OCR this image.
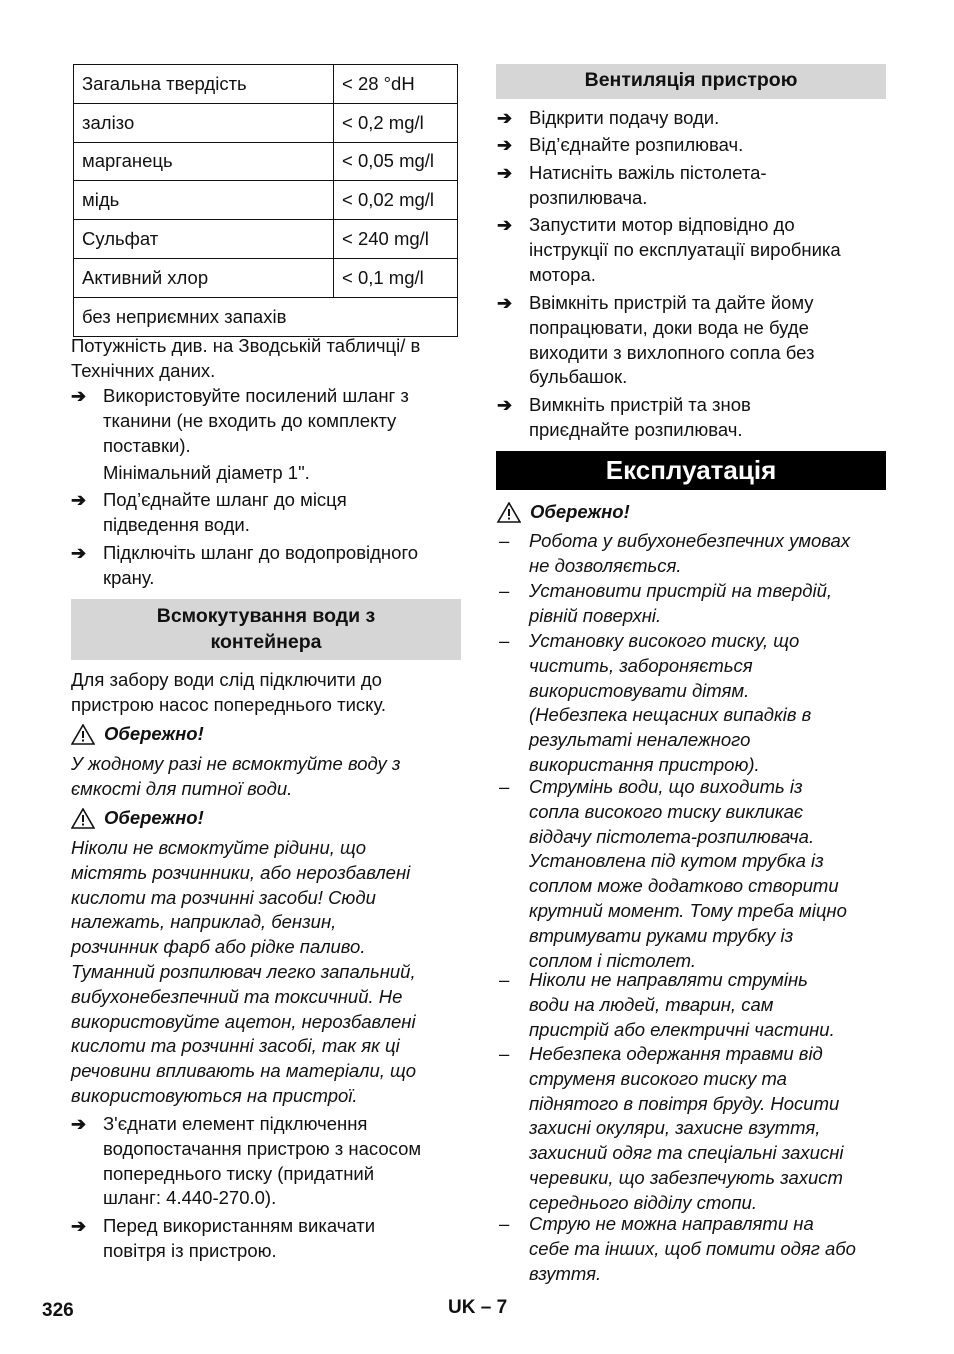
Загальна твердість	< 28 °dH
залізо	< 0,2 mg/l
марганець	< 0,05 mg/l
мідь	< 0,02 mg/l
Сульфат	< 240 mg/l
Активний хлор	< 0,1 mg/l
без неприємних запахів	
Потужність див. на Зводській табличці/ в
Технічних даних.
➔ Використовуйте посилений шланг з
тканини (не входить до комплекту
поставки).
Мінімальний діаметр 1".
➔ Под’єднайте шланг до місця
підведення води.
➔ Підключіть шланг до водопровідного
крану.
Всмокутування води з
контейнера
Для забору води слід підключити до
пристрою насос попереднього тиску.
Обережно!
У жодному разі не всмоктуйте воду з
ємкості для питної води.
Обережно!
Ніколи не всмоктуйте рідини, що
містять розчинники, або нерозбавлені
кислоти та розчинні засоби! Сюди
належать, наприклад, бензин,
розчинник фарб або рідке паливо.
Туманний розпилювач легко запальний,
вибухонебезпечний та токсичний. Не
використовуйте ацетон, нерозбавлені
кислоти та розчинні засобі, так як ці
речовини впливають на матеріали, що
використовуються на пристрої.
➔ З'єднати елемент підключення
водопостачання пристрою з насосом
попереднього тиску (придатний
шланг: 4.440-270.0).
➔ Перед використанням викачати
повітря із пристрою.
Вентиляція пристрою
➔ Відкрити подачу води.
➔ Від’єднайте розпилювач.
➔ Натисніть важіль пістолета-
розпилювача.
➔ Запустити мотор відповідно до
інструкції по експлуатації виробника
мотора.
➔ Ввімкніть пристрій та дайте йому
попрацювати, доки вода не буде
виходити з вихлопного сопла без
бульбашок.
➔ Вимкніть пристрій та знов
приєднайте розпилювач.
Експлуатація
Обережно!
– Робота у вибухонебезпечних умовах
не дозволяється.
– Установити пристрій на твердій,
рівній поверхні.
– Установку високого тиску, що
чистить, забороняється
використовувати дітям.
(Небезпека нещасних випадків в
результаті неналежного
використання пристрою).
– Струмінь води, що виходить із
сопла високого тиску викликає
віддачу пістолета-розпилювача.
Установлена під кутом трубка із
соплом може додатково створити
крутний момент. Тому треба міцно
втримувати руками трубку із
соплом і пістолет.
– Ніколи не направляти струмінь
води на людей, тварин, сам
пристрій або електричні частини.
– Небезпека одержання травми від
струменя високого тиску та
піднятого в повітря бруду. Носити
захисні окуляри, захисне взуття,
захисний одяг та спеціальні захисні
черевики, що забезпечують захист
середнього відділу стопи.
– Струю не можна направляти на
себе та інших, щоб помити одяг або
взуття.
326	UK – 7
